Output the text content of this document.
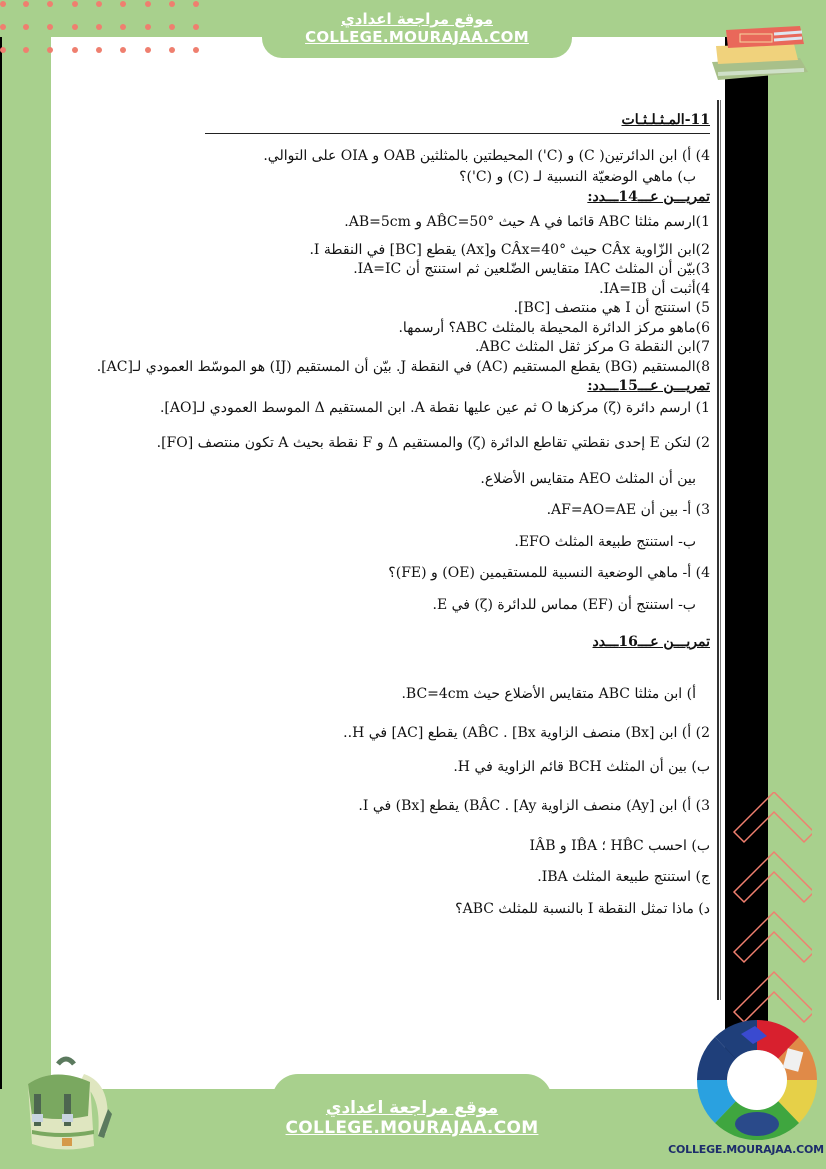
موقع مراجعة اعدادي
COLLEGE.MOURAJAA.COM
11-المـثـلـثـات
4) أ) ابن الدائرتين( C) و (C') المحيطتين بالمثلثين OAB و OIA على التوالي.
ب) ماهي الوضعيّة النسبية لـ (C) و (C')؟
تمريـــن عـــ14ـــدد:
1)ارسم مثلثا ABC قائما في A حيث AB̂C=50° و AB=5cm.
2)ابن الزّاوية CÂx حيث CÂx=40° و[Ax) يقطع [BC] في النقطة I.
3)بيّن أن المثلث IAC متقايس الضّلعين ثم استنتج أن IA=IC.
4)أثبت أن IA=IB.
5) استنتج أن I هي منتصف [BC].
6)ماهو مركز الدائرة المحيطة بالمثلث ABC؟ أرسمها.
7)ابن النقطة G مركز ثقل المثلث ABC.
8)المستقيم (BG) يقطع المستقيم (AC) في النقطة J. بيّن أن المستقيم (IJ) هو الموسّط العمودي لـ[AC].
تمريـــن عـــ15ـــدد:
1) ارسم دائرة (ζ) مركزها O ثم عين عليها نقطة A. ابن المستقيم Δ الموسط العمودي لـ[AO].
2) لتكن E إحدى نقطتي تقاطع الدائرة (ζ) والمستقيم Δ و F نقطة بحيث A تكون منتصف [FO].
بين أن المثلث AEO متقايس الأضلاع.
3) أ- بين أن AF=AO=AE.
ب- استنتج طبيعة المثلث EFO.
4) أ- ماهي الوضعية النسبية للمستقيمين (OE) و (FE)؟
ب- استنتج أن (EF) مماس للدائرة (ζ) في E.
تمريـــن عـــ16ـــدد
أ) ابن مثلثا ABC متقايس الأضلاع حيث BC=4cm.
2) أ) ابن [Bx) منصف الزاوية AB̂C . [Bx) يقطع [AC] في H..
ب) بين أن المثلث BCH قائم الزاوية في H.
3) أ) ابن [Ay) منصف الزاوية BÂC . [Ay) يقطع [Bx) في I.
ب) احسب HB̂C ؛ IB̂A و IÂB
ج) استنتج طبيعة المثلث IBA.
د) ماذا تمثل النقطة I بالنسبة للمثلث ABC؟
موقع مراجعة اعدادي
COLLEGE.MOURAJAA.COM
COLLEGE.MOURAJAA.COM
